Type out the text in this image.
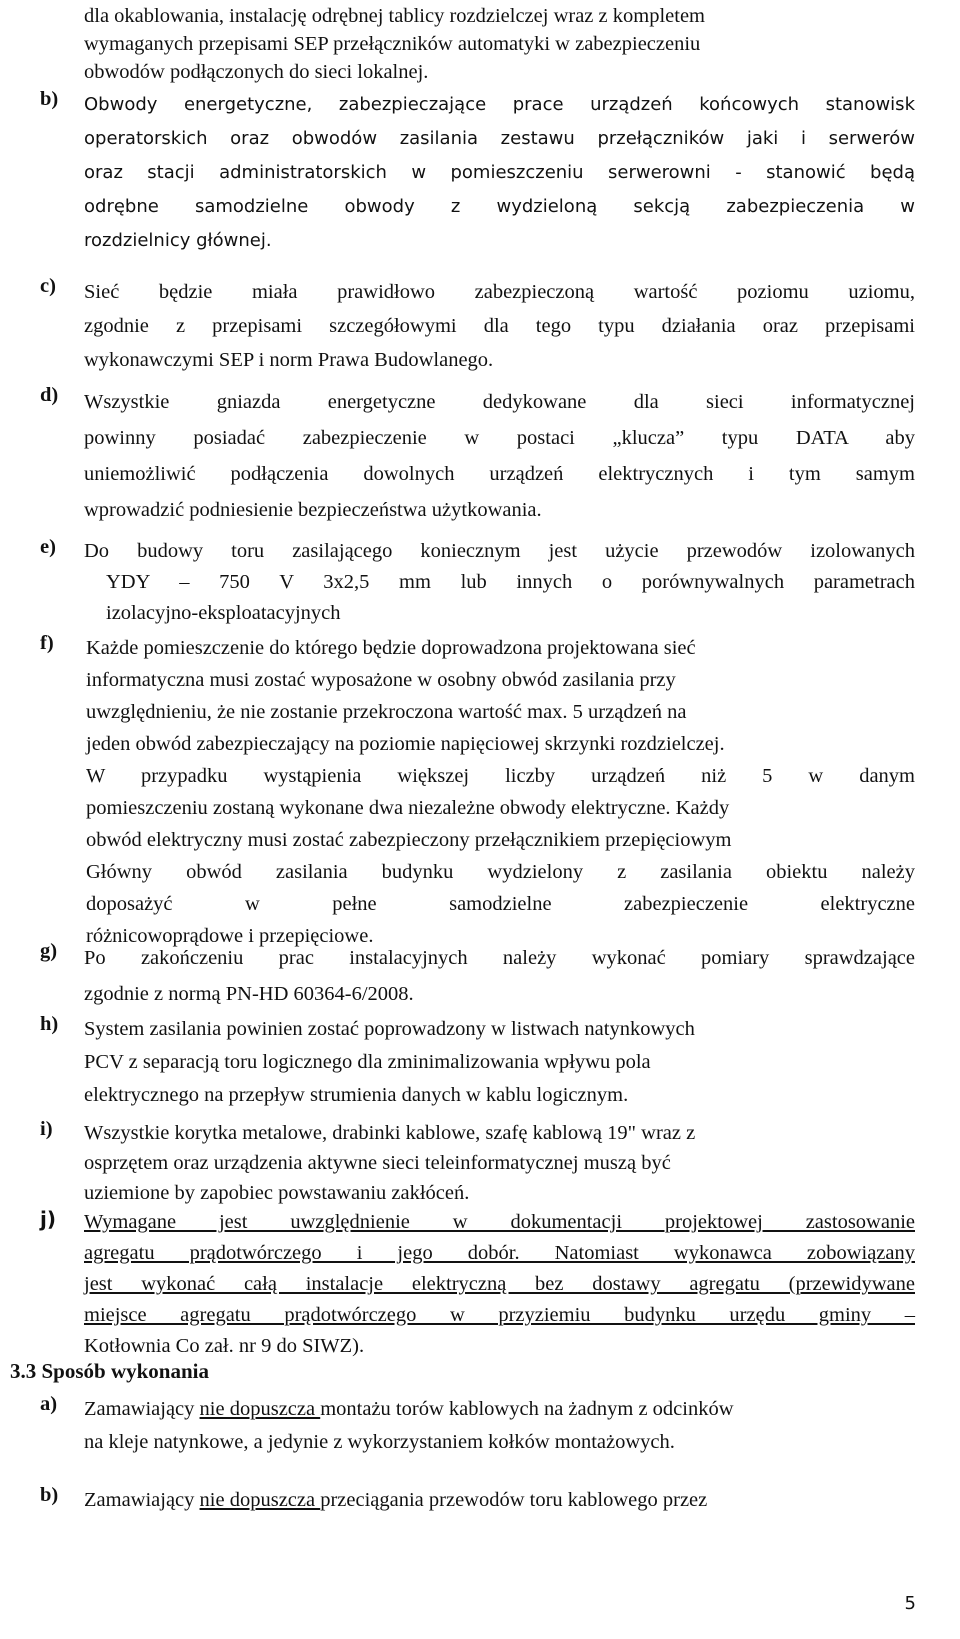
dla okablowania, instalację odrębnej tablicy rozdzielczej wraz z kompletem
wymaganych przepisami SEP przełączników automatyki w zabezpieczeniu
obwodów podłączonych do sieci lokalnej.
b) Obwody energetyczne, zabezpieczające prace urządzeń końcowych stanowisk
operatorskich oraz obwodów zasilania zestawu przełączników jaki i serwerów
oraz stacji administratorskich w pomieszczeniu serwerowni - stanowić będą
odrębne samodzielne obwody z wydzieloną sekcją zabezpieczenia w
rozdzielnicy głównej.
c) Sieć będzie miała prawidłowo zabezpieczoną wartość poziomu uziomu,
zgodnie z przepisami szczegółowymi dla tego typu działania oraz przepisami
wykonawczymi SEP i norm Prawa Budowlanego.
d) Wszystkie gniazda energetyczne dedykowane dla sieci informatycznej
powinny posiadać zabezpieczenie w postaci „klucza” typu DATA aby
uniemożliwić podłączenia dowolnych urządzeń elektrycznych i tym samym
wprowadzić podniesienie bezpieczeństwa użytkowania.
e) Do budowy toru zasilającego koniecznym jest użycie przewodów izolowanych
YDY – 750 V 3x2,5 mm lub innych o porównywalnych parametrach
izolacyjno-eksploatacyjnych
f) Każde pomieszczenie do którego będzie doprowadzona projektowana sieć
informatyczna musi zostać wyposażone w osobny obwód zasilania przy
uwzględnieniu, że nie zostanie przekroczona wartość max. 5 urządzeń na
jeden obwód zabezpieczający na poziomie napięciowej skrzynki rozdzielczej.
W przypadku wystąpienia większej liczby urządzeń niż 5 w danym
pomieszczeniu zostaną wykonane dwa niezależne obwody elektryczne. Każdy
obwód elektryczny musi zostać zabezpieczony przełącznikiem przepięciowym
Główny obwód zasilania budynku wydzielony z zasilania obiektu należy
doposażyć w pełne samodzielne zabezpieczenie elektryczne
różnicowoprądowe i przepięciowe.
g) Po zakończeniu prac instalacyjnych należy wykonać pomiary sprawdzające
zgodnie z normą PN-HD 60364-6/2008.
h) System zasilania powinien zostać poprowadzony w listwach natynkowych
PCV z separacją toru logicznego dla zminimalizowania wpływu pola
elektrycznego na przepływ strumienia danych w kablu logicznym.
i) Wszystkie korytka metalowe, drabinki kablowe, szafę kablową 19" wraz z
osprzętem oraz urządzenia aktywne sieci teleinformatycznej muszą być
uziemione by zapobiec powstawaniu zakłóceń.
j) Wymagane jest uwzględnienie w dokumentacji projektowej zastosowanie
agregatu prądotwórczego i jego dobór. Natomiast wykonawca zobowiązany
jest wykonać całą instalacje elektryczną bez dostawy agregatu (przewidywane
miejsce agregatu prądotwórczego w przyziemiu budynku urzędu gminy –
Kotłownia Co zał. nr 9 do SIWZ).
3.3 Sposób wykonania
a) Zamawiający nie dopuszcza montażu torów kablowych na żadnym z odcinków
na kleje natynkowe, a jedynie z wykorzystaniem kołków montażowych.
b) Zamawiający nie dopuszcza przeciągania przewodów toru kablowego przez
5
